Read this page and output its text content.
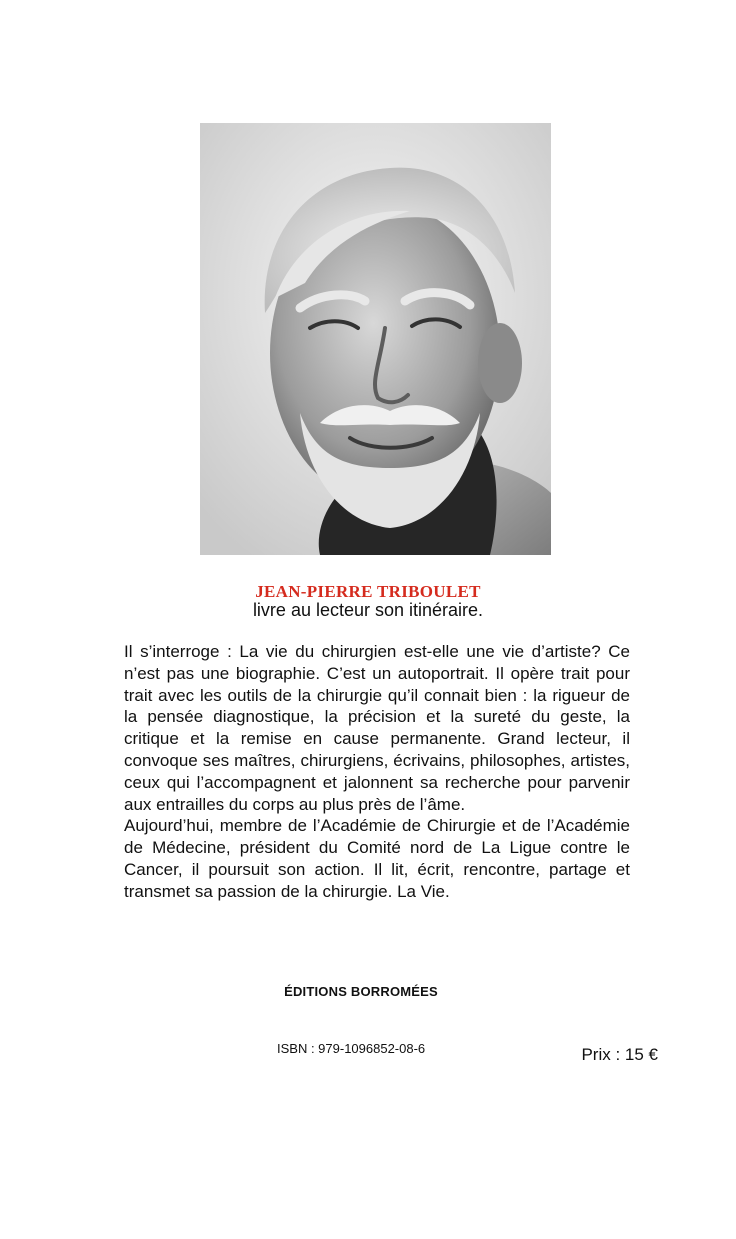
JEAN-PIERRE TRIBOULET
livre au lecteur son itinéraire.

Il s’interroge : La vie du chirurgien est-elle une vie d’artiste? Ce n’est pas une biographie. C’est un autoportrait. Il opère trait pour trait avec les outils de la chirurgie qu’il connait bien : la rigueur de la pensée diagnostique, la précision et la sureté du geste, la critique et la remise en cause permanente. Grand lecteur, il convoque ses maîtres, chirurgiens, écrivains, philosophes, artistes, ceux qui l’accompagnent et jalonnent sa recherche pour parvenir aux entrailles du corps au plus près de l’âme.

Aujourd’hui, membre de l’Académie de Chirurgie et de l’Académie de Médecine, président du Comité nord de La Ligue contre le Cancer, il poursuit son action. Il lit, écrit, rencontre, partage et transmet sa passion de la chirurgie. La Vie.

ÉDITIONS BORROMÉES
ISBN : 979-1096852-08-6	Prix : 15 €
